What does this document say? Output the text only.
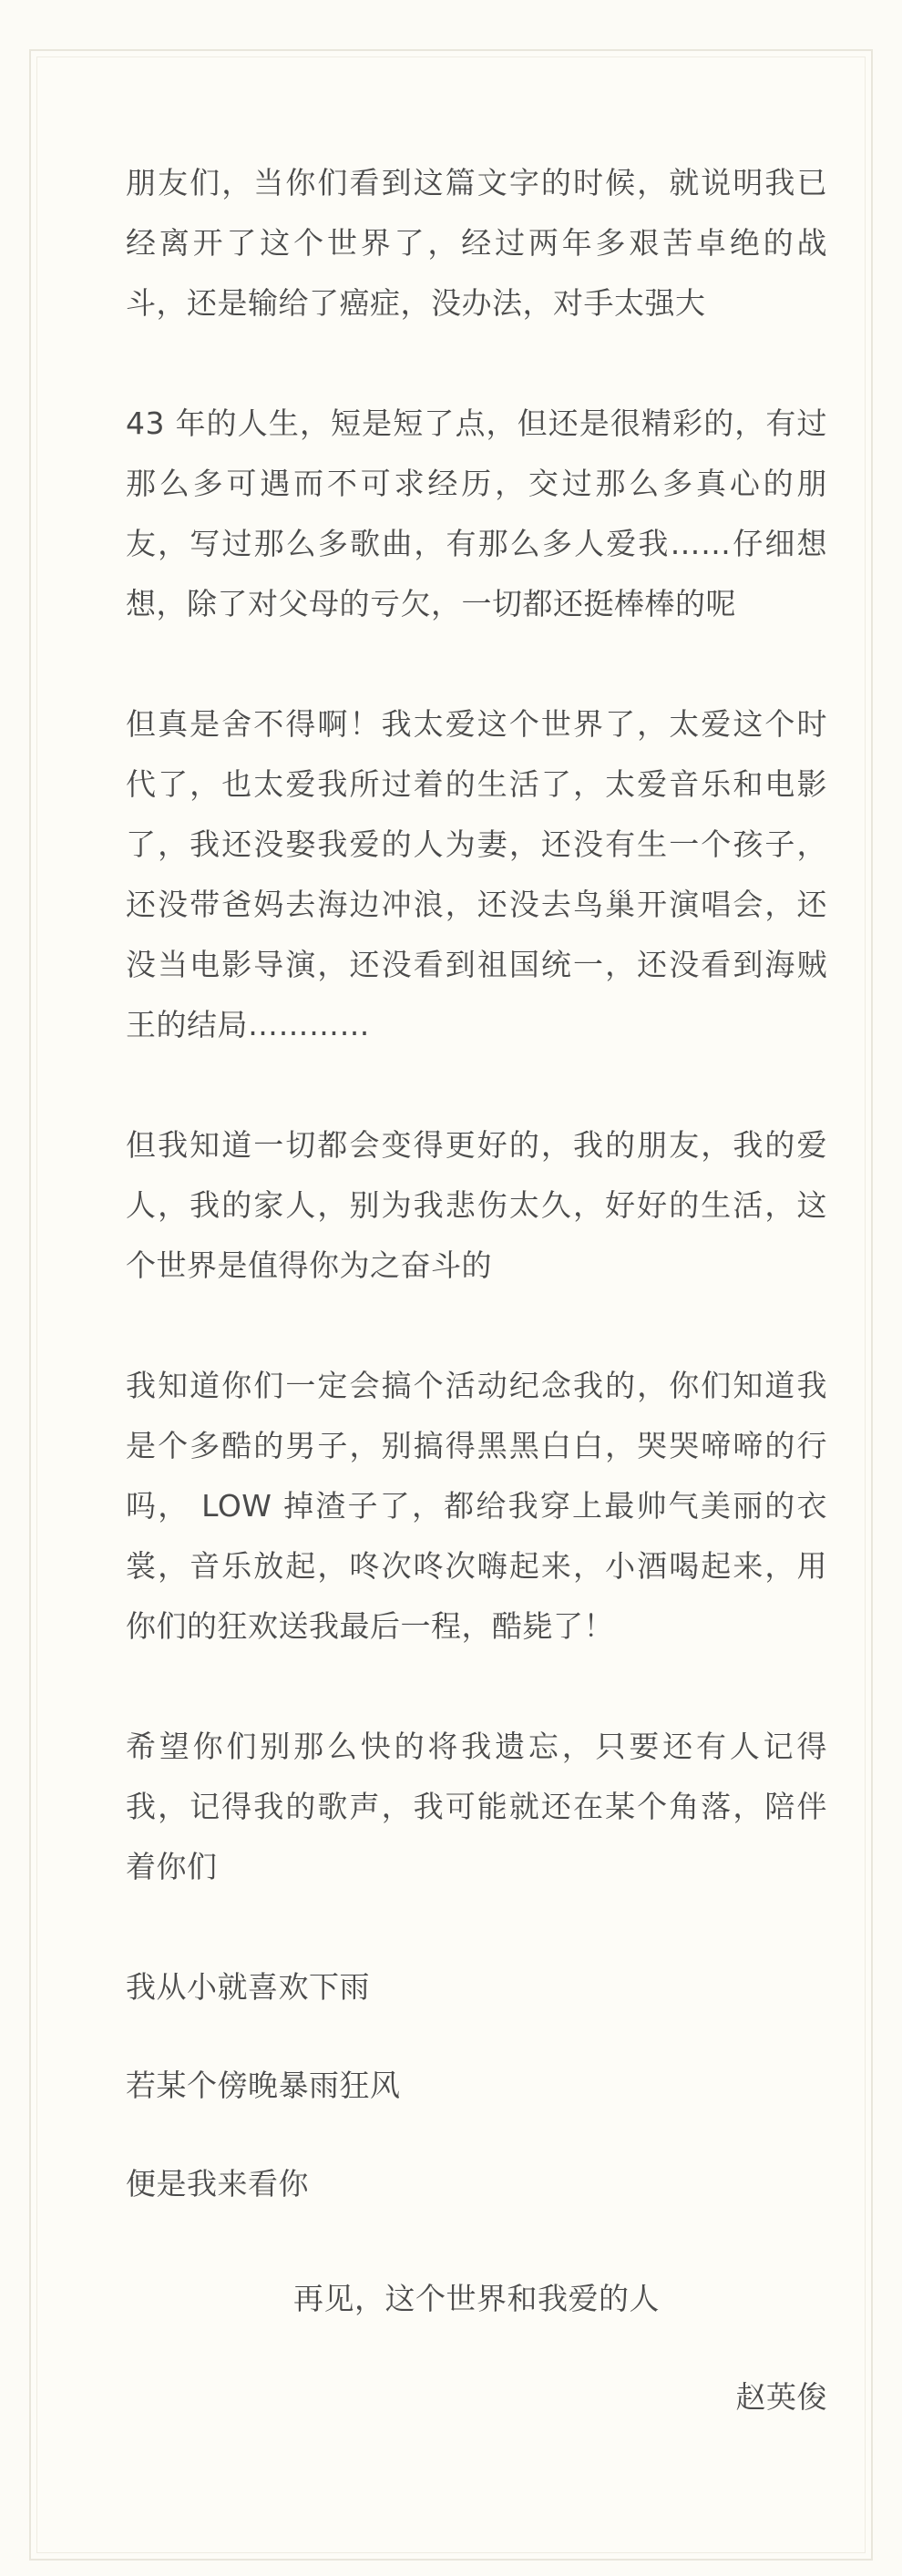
朋友们，当你们看到这篇文字的时候，就说明我已经离开了这个世界了，经过两年多艰苦卓绝的战斗，还是输给了癌症，没办法，对手太强大

43 年的人生，短是短了点，但还是很精彩的，有过那么多可遇而不可求经历，交过那么多真心的朋友，写过那么多歌曲，有那么多人爱我……仔细想想，除了对父母的亏欠，一切都还挺棒棒的呢

但真是舍不得啊！我太爱这个世界了，太爱这个时代了，也太爱我所过着的生活了，太爱音乐和电影了，我还没娶我爱的人为妻，还没有生一个孩子，还没带爸妈去海边冲浪，还没去鸟巢开演唱会，还没当电影导演，还没看到祖国统一，还没看到海贼王的结局…………

但我知道一切都会变得更好的，我的朋友，我的爱人，我的家人，别为我悲伤太久，好好的生活，这个世界是值得你为之奋斗的

我知道你们一定会搞个活动纪念我的，你们知道我是个多酷的男子，别搞得黑黑白白，哭哭啼啼的行吗， LOW 掉渣子了，都给我穿上最帅气美丽的衣裳，音乐放起，咚次咚次嗨起来，小酒喝起来，用你们的狂欢送我最后一程，酷毙了！

希望你们别那么快的将我遗忘，只要还有人记得我，记得我的歌声，我可能就还在某个角落，陪伴着你们

我从小就喜欢下雨

若某个傍晚暴雨狂风

便是我来看你

再见，这个世界和我爱的人

赵英俊
